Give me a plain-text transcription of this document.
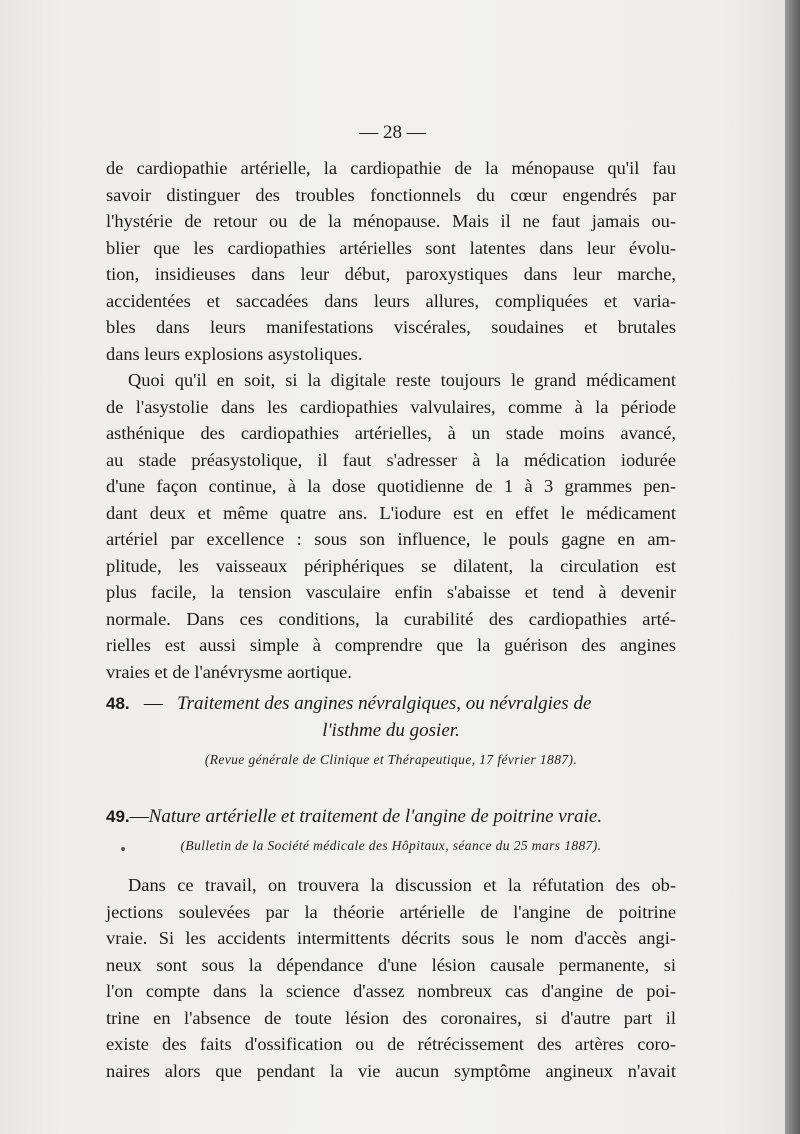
— 28 —
de cardiopathie artérielle, la cardiopathie de la ménopause qu'il fau
savoir distinguer des troubles fonctionnels du cœur engendrés par
l'hystérie de retour ou de la ménopause. Mais il ne faut jamais ou-
blier que les cardiopathies artérielles sont latentes dans leur évolu-
tion, insidieuses dans leur début, paroxystiques dans leur marche,
accidentées et saccadées dans leurs allures, compliquées et varia-
bles dans leurs manifestations viscérales, soudaines et brutales
dans leurs explosions asystoliques.
Quoi qu'il en soit, si la digitale reste toujours le grand médicament
de l'asystolie dans les cardiopathies valvulaires, comme à la période
asthénique des cardiopathies artérielles, à un stade moins avancé,
au stade préasystolique, il faut s'adresser à la médication iodurée
d'une façon continue, à la dose quotidienne de 1 à 3 grammes pen-
dant deux et même quatre ans. L'iodure est en effet le médicament
artériel par excellence : sous son influence, le pouls gagne en am-
plitude, les vaisseaux périphériques se dilatent, la circulation est
plus facile, la tension vasculaire enfin s'abaisse et tend à devenir
normale. Dans ces conditions, la curabilité des cardiopathies arté-
rielles est aussi simple à comprendre que la guérison des angines
vraies et de l'anévrysme aortique.
48. — Traitement des angines névralgiques, ou névralgies de
l'isthme du gosier.
(Revue générale de Clinique et Thérapeutique, 17 février 1887).
49.—Nature artérielle et traitement de l'angine de poitrine vraie.
(Bulletin de la Société médicale des Hôpitaux, séance du 25 mars 1887).
Dans ce travail, on trouvera la discussion et la réfutation des ob-
jections soulevées par la théorie artérielle de l'angine de poitrine
vraie. Si les accidents intermittents décrits sous le nom d'accès angi-
neux sont sous la dépendance d'une lésion causale permanente, si
l'on compte dans la science d'assez nombreux cas d'angine de poi-
trine en l'absence de toute lésion des coronaires, si d'autre part il
existe des faits d'ossification ou de rétrécissement des artères coro-
naires alors que pendant la vie aucun symptôme angineux n'avait
